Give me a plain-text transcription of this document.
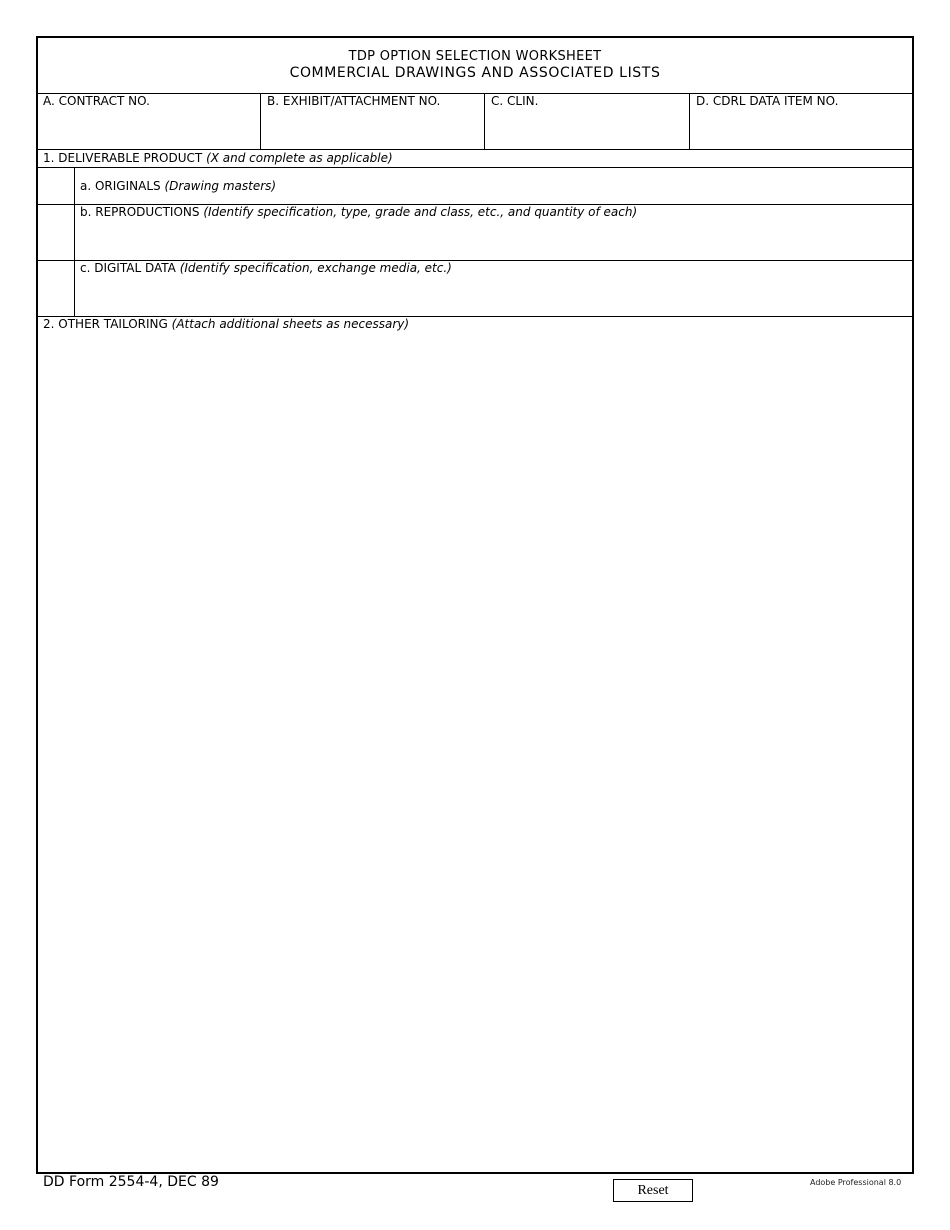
TDP OPTION SELECTION WORKSHEET
COMMERCIAL DRAWINGS AND ASSOCIATED LISTS
A. CONTRACT NO.	B. EXHIBIT/ATTACHMENT NO.	C. CLIN.	D. CDRL DATA ITEM NO.
1. DELIVERABLE PRODUCT (X and complete as applicable)
a. ORIGINALS (Drawing masters)
b. REPRODUCTIONS (Identify specification, type, grade and class, etc., and quantity of each)
c. DIGITAL DATA (Identify specification, exchange media, etc.)
2. OTHER TAILORING (Attach additional sheets as necessary)
DD Form 2554-4, DEC 89	Reset	Adobe Professional 8.0
